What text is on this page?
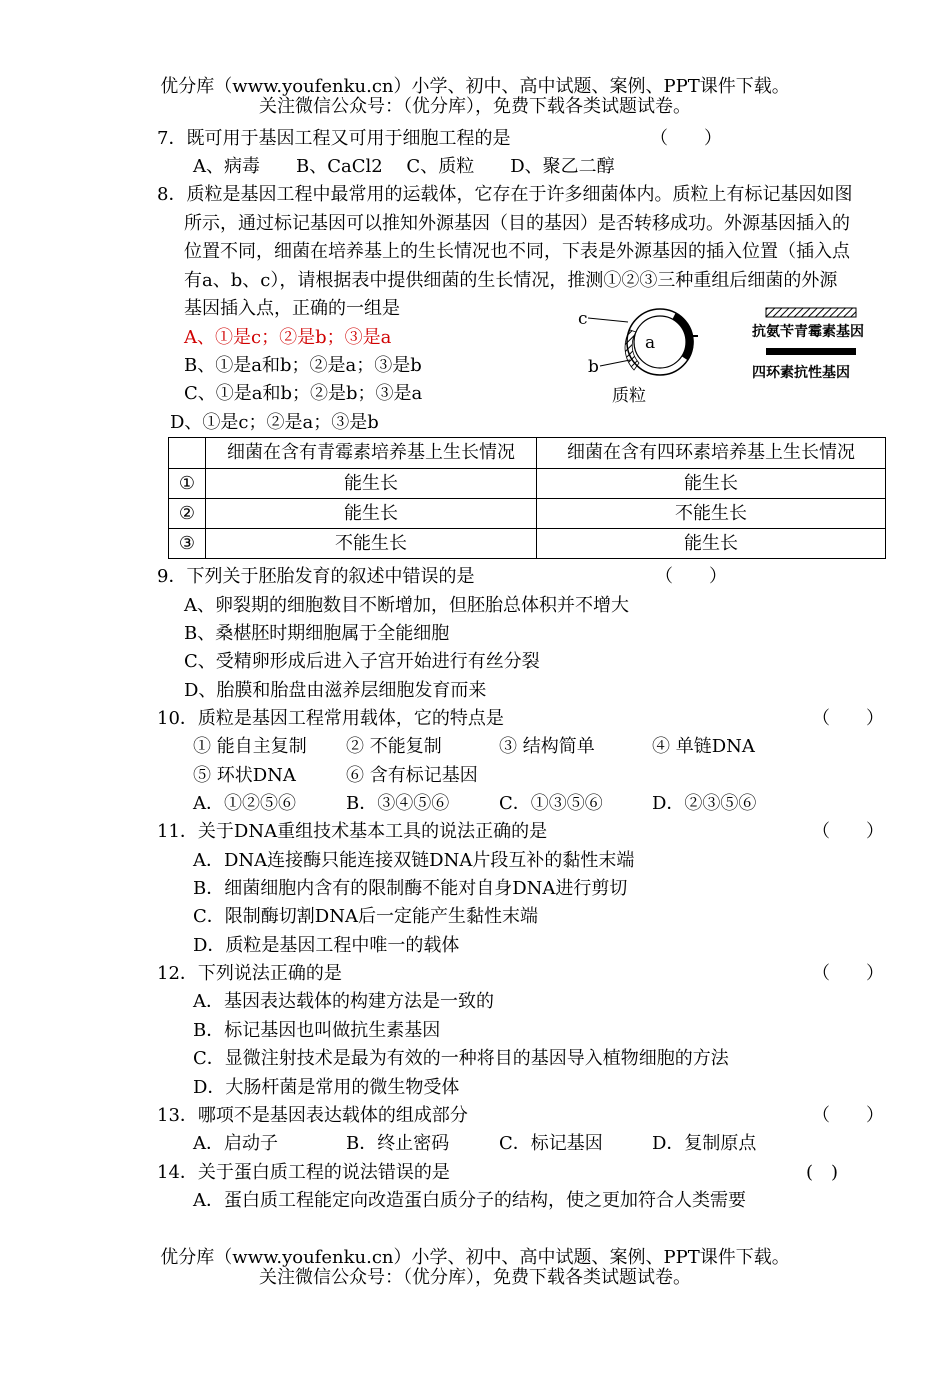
优分库（www.youfenku.cn）小学、初中、高中试题、案例、PPT课件下载。
关注微信公众号：（优分库），免费下载各类试题试卷。
7．既可用于基因工程又可用于细胞工程的是	（　　）
A、病毒　　B、CaCl2　 C、质粒　　D、聚乙二醇
8．质粒是基因工程中最常用的运载体，它存在于许多细菌体内。质粒上有标记基因如图
所示，通过标记基因可以推知外源基因（目的基因）是否转移成功。外源基因插入的
位置不同，细菌在培养基上的生长情况也不同，下表是外源基因的插入位置（插入点
有a、b、c），请根据表中提供细菌的生长情况，推测①②③三种重组后细菌的外源
基因插入点，正确的一组是
A、①是c；②是b；③是a
B、①是a和b；②是a；③是b
C、①是a和b；②是b；③是a
D、①是c；②是a；③是b
c
a
b
质粒
抗氨苄青霉素基因
四环素抗性基因
	细菌在含有青霉素培养基上生长情况	细菌在含有四环素培养基上生长情况
①	能生长	能生长
②	能生长	不能生长
③	不能生长	能生长
9．下列关于胚胎发育的叙述中错误的是	（　　）
A、卵裂期的细胞数目不断增加，但胚胎总体积并不增大
B、桑椹胚时期细胞属于全能细胞
C、受精卵形成后进入子宫开始进行有丝分裂
D、胎膜和胎盘由滋养层细胞发育而来
10．质粒是基因工程常用载体，它的特点是	（　　）
① 能自主复制 ② 不能复制	③ 结构简单	④ 单链DNA
⑤ 环状DNA	⑥ 含有标记基因
A．①②⑤⑥	B．③④⑤⑥	C．①③⑤⑥	D．②③⑤⑥
11．关于DNA重组技术基本工具的说法正确的是	（　　）
A．DNA连接酶只能连接双链DNA片段互补的黏性末端
B．细菌细胞内含有的限制酶不能对自身DNA进行剪切
C．限制酶切割DNA后一定能产生黏性末端
D．质粒是基因工程中唯一的载体
12．下列说法正确的是	（　　）
A．基因表达载体的构建方法是一致的
B．标记基因也叫做抗生素基因
C．显微注射技术是最为有效的一种将目的基因导入植物细胞的方法
D．大肠杆菌是常用的微生物受体
13．哪项不是基因表达载体的组成部分	（　　）
A．启动子	B．终止密码	C．标记基因	D．复制原点
14．关于蛋白质工程的说法错误的是	(　)
A．蛋白质工程能定向改造蛋白质分子的结构，使之更加符合人类需要
优分库（www.youfenku.cn）小学、初中、高中试题、案例、PPT课件下载。
关注微信公众号：（优分库），免费下载各类试题试卷。
